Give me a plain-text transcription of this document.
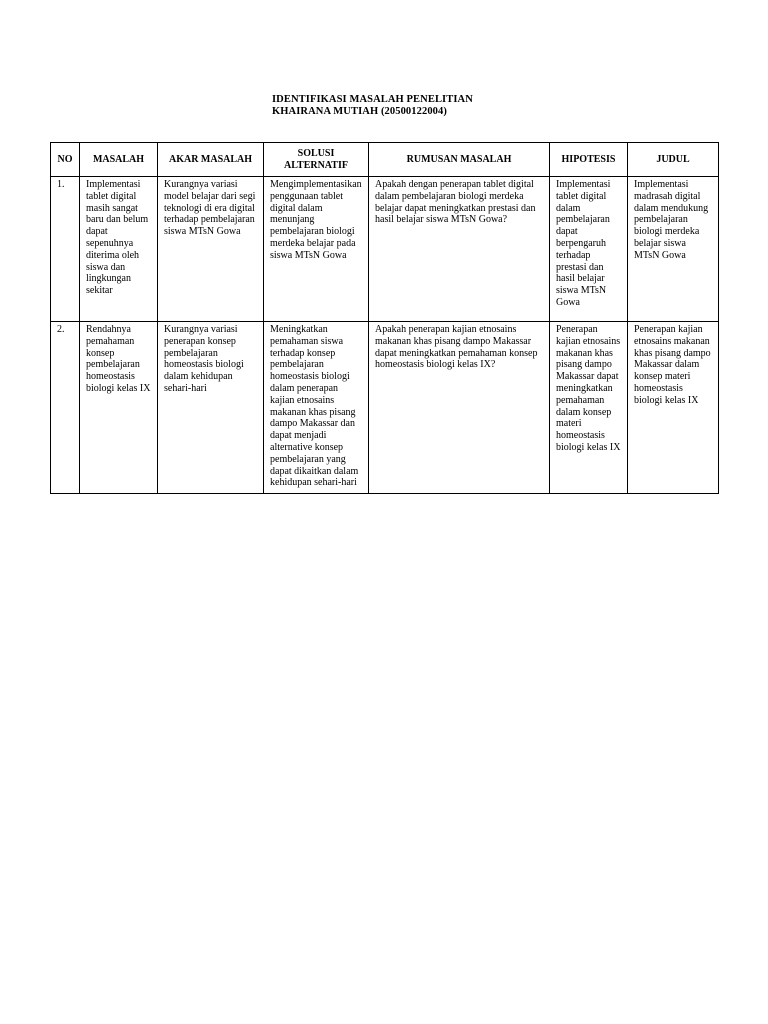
IDENTIFIKASI MASALAH PENELITIAN
KHAIRANA MUTIAH (20500122004)
NO	MASALAH	AKAR MASALAH	SOLUSI ALTERNATIF	RUMUSAN MASALAH	HIPOTESIS	JUDUL
1.	Implementasi tablet digital masih sangat baru dan belum dapat sepenuhnya diterima oleh siswa dan lingkungan sekitar	Kurangnya variasi model belajar dari segi teknologi di era digital terhadap pembelajaran siswa MTsN Gowa	Mengimplementasikan penggunaan tablet digital dalam menunjang pembelajaran biologi merdeka belajar pada siswa MTsN Gowa	Apakah dengan penerapan tablet digital dalam pembelajaran biologi merdeka belajar dapat meningkatkan prestasi dan hasil belajar siswa MTsN Gowa?	Implementasi tablet digital dalam pembelajaran dapat berpengaruh terhadap prestasi dan hasil belajar siswa MTsN Gowa	Implementasi madrasah digital dalam mendukung pembelajaran biologi merdeka belajar siswa MTsN Gowa
2.	Rendahnya pemahaman konsep pembelajaran homeostasis biologi kelas IX	Kurangnya variasi penerapan konsep pembelajaran homeostasis biologi dalam kehidupan sehari-hari	Meningkatkan pemahaman siswa terhadap konsep pembelajaran homeostasis biologi dalam penerapan kajian etnosains makanan khas pisang dampo Makassar dan dapat menjadi alternative konsep pembelajaran yang dapat dikaitkan dalam kehidupan sehari-hari	Apakah penerapan kajian etnosains makanan khas pisang dampo Makassar dapat meningkatkan pemahaman konsep homeostasis biologi kelas IX?	Penerapan kajian etnosains makanan khas pisang dampo Makassar dapat meningkatkan pemahaman dalam konsep materi homeostasis biologi kelas IX	Penerapan kajian etnosains makanan khas pisang dampo Makassar dalam konsep materi homeostasis biologi kelas IX
